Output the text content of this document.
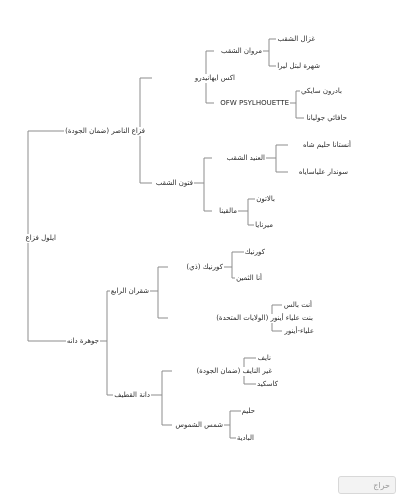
ايلول فزاع
فزاع الناصر (ضمان الجودة)
جوهرة دانه
اكس ايهانيدرو
فتون الشقب
شقران الرابع
دانة القطيف
مروان الشقب
OFW PSYLHOUETTE
العنيد الشقب
مالقينا
كورنيك (ذي)
بنت علياء أينور (الولايات المتحدة)
غير النايف (ضمان الجودة)
شمس الشموس
غزال الشقب
شهرة لبتل ليرا
بادرون سايكي
حافائي جوليانا
أنستانا حليم شاه
سوندار علياساياه
بالاتون
ميرنايا
كورنيك
أنا الثمين
أنت بالس
علياء-أينور
نايف
كاسكيد
حليم
البادية
حراج
